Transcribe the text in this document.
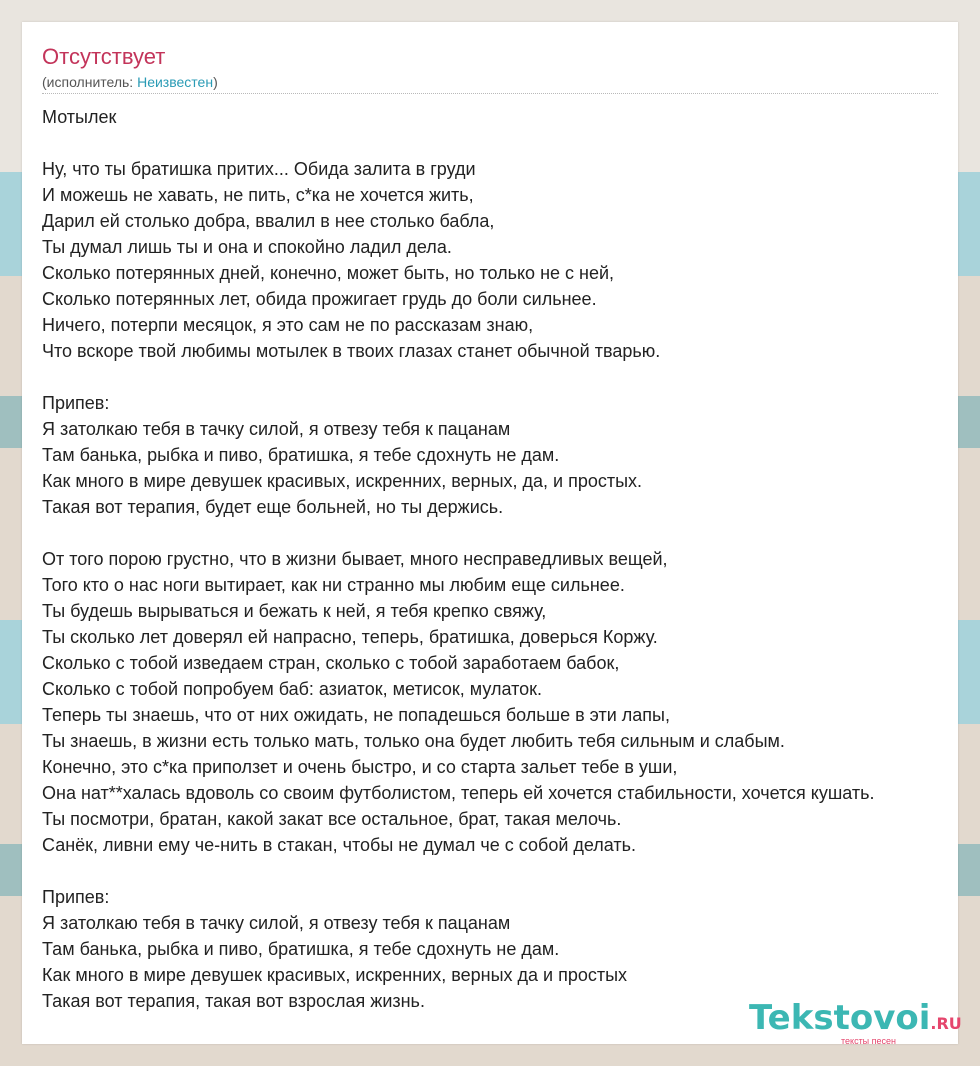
Отсутствует
(исполнитель: Неизвестен)
Мотылек
Ну, что ты братишка притих... Обида залита в груди
И можешь не хавать, не пить, с*ка не хочется жить,
Дарил ей столько добра, ввалил в нее столько бабла,
Ты думал лишь ты и она и спокойно ладил дела.
Сколько потерянных дней, конечно, может быть, но только не с ней,
Сколько потерянных лет, обида прожигает грудь до боли сильнее.
Ничего, потерпи месяцок, я это сам не по рассказам знаю,
Что вскоре твой любимы мотылек в твоих глазах станет обычной тварью.
Припев:
Я затолкаю тебя в тачку силой, я отвезу тебя к пацанам
Там банька, рыбка и пиво, братишка, я тебе сдохнуть не дам.
Как много в мире девушек красивых, искренних, верных, да, и простых.
Такая вот терапия, будет еще больней, но ты держись.
От того порою грустно, что в жизни бывает, много несправедливых вещей,
Того кто о нас ноги вытирает, как ни странно мы любим еще сильнее.
Ты будешь вырываться и бежать к ней, я тебя крепко свяжу,
Ты сколько лет доверял ей напрасно, теперь, братишка, доверься Коржу.
Сколько с тобой изведаем стран, сколько с тобой заработаем бабок,
Сколько с тобой попробуем баб: азиаток, метисок, мулаток.
Теперь ты знаешь, что от них ожидать, не попадешься больше в эти лапы,
Ты знаешь, в жизни есть только мать, только она будет любить тебя сильным и слабым.
Конечно, это с*ка приползет и очень быстро, и со старта зальет тебе в уши,
Она нат**халась вдоволь со своим футболистом, теперь ей хочется стабильности, хочется кушать.
Ты посмотри, братан, какой закат все остальное, брат, такая мелочь.
Санёк, ливни ему че-нить в стакан, чтобы не думал че с собой делать.
Припев:
Я затолкаю тебя в тачку силой, я отвезу тебя к пацанам
Там банька, рыбка и пиво, братишка, я тебе сдохнуть не дам.
Как много в мире девушек красивых, искренних, верных да и простых
Такая вот терапия, такая вот взрослая жизнь.	Tekstovoi.RU
тексты песен
